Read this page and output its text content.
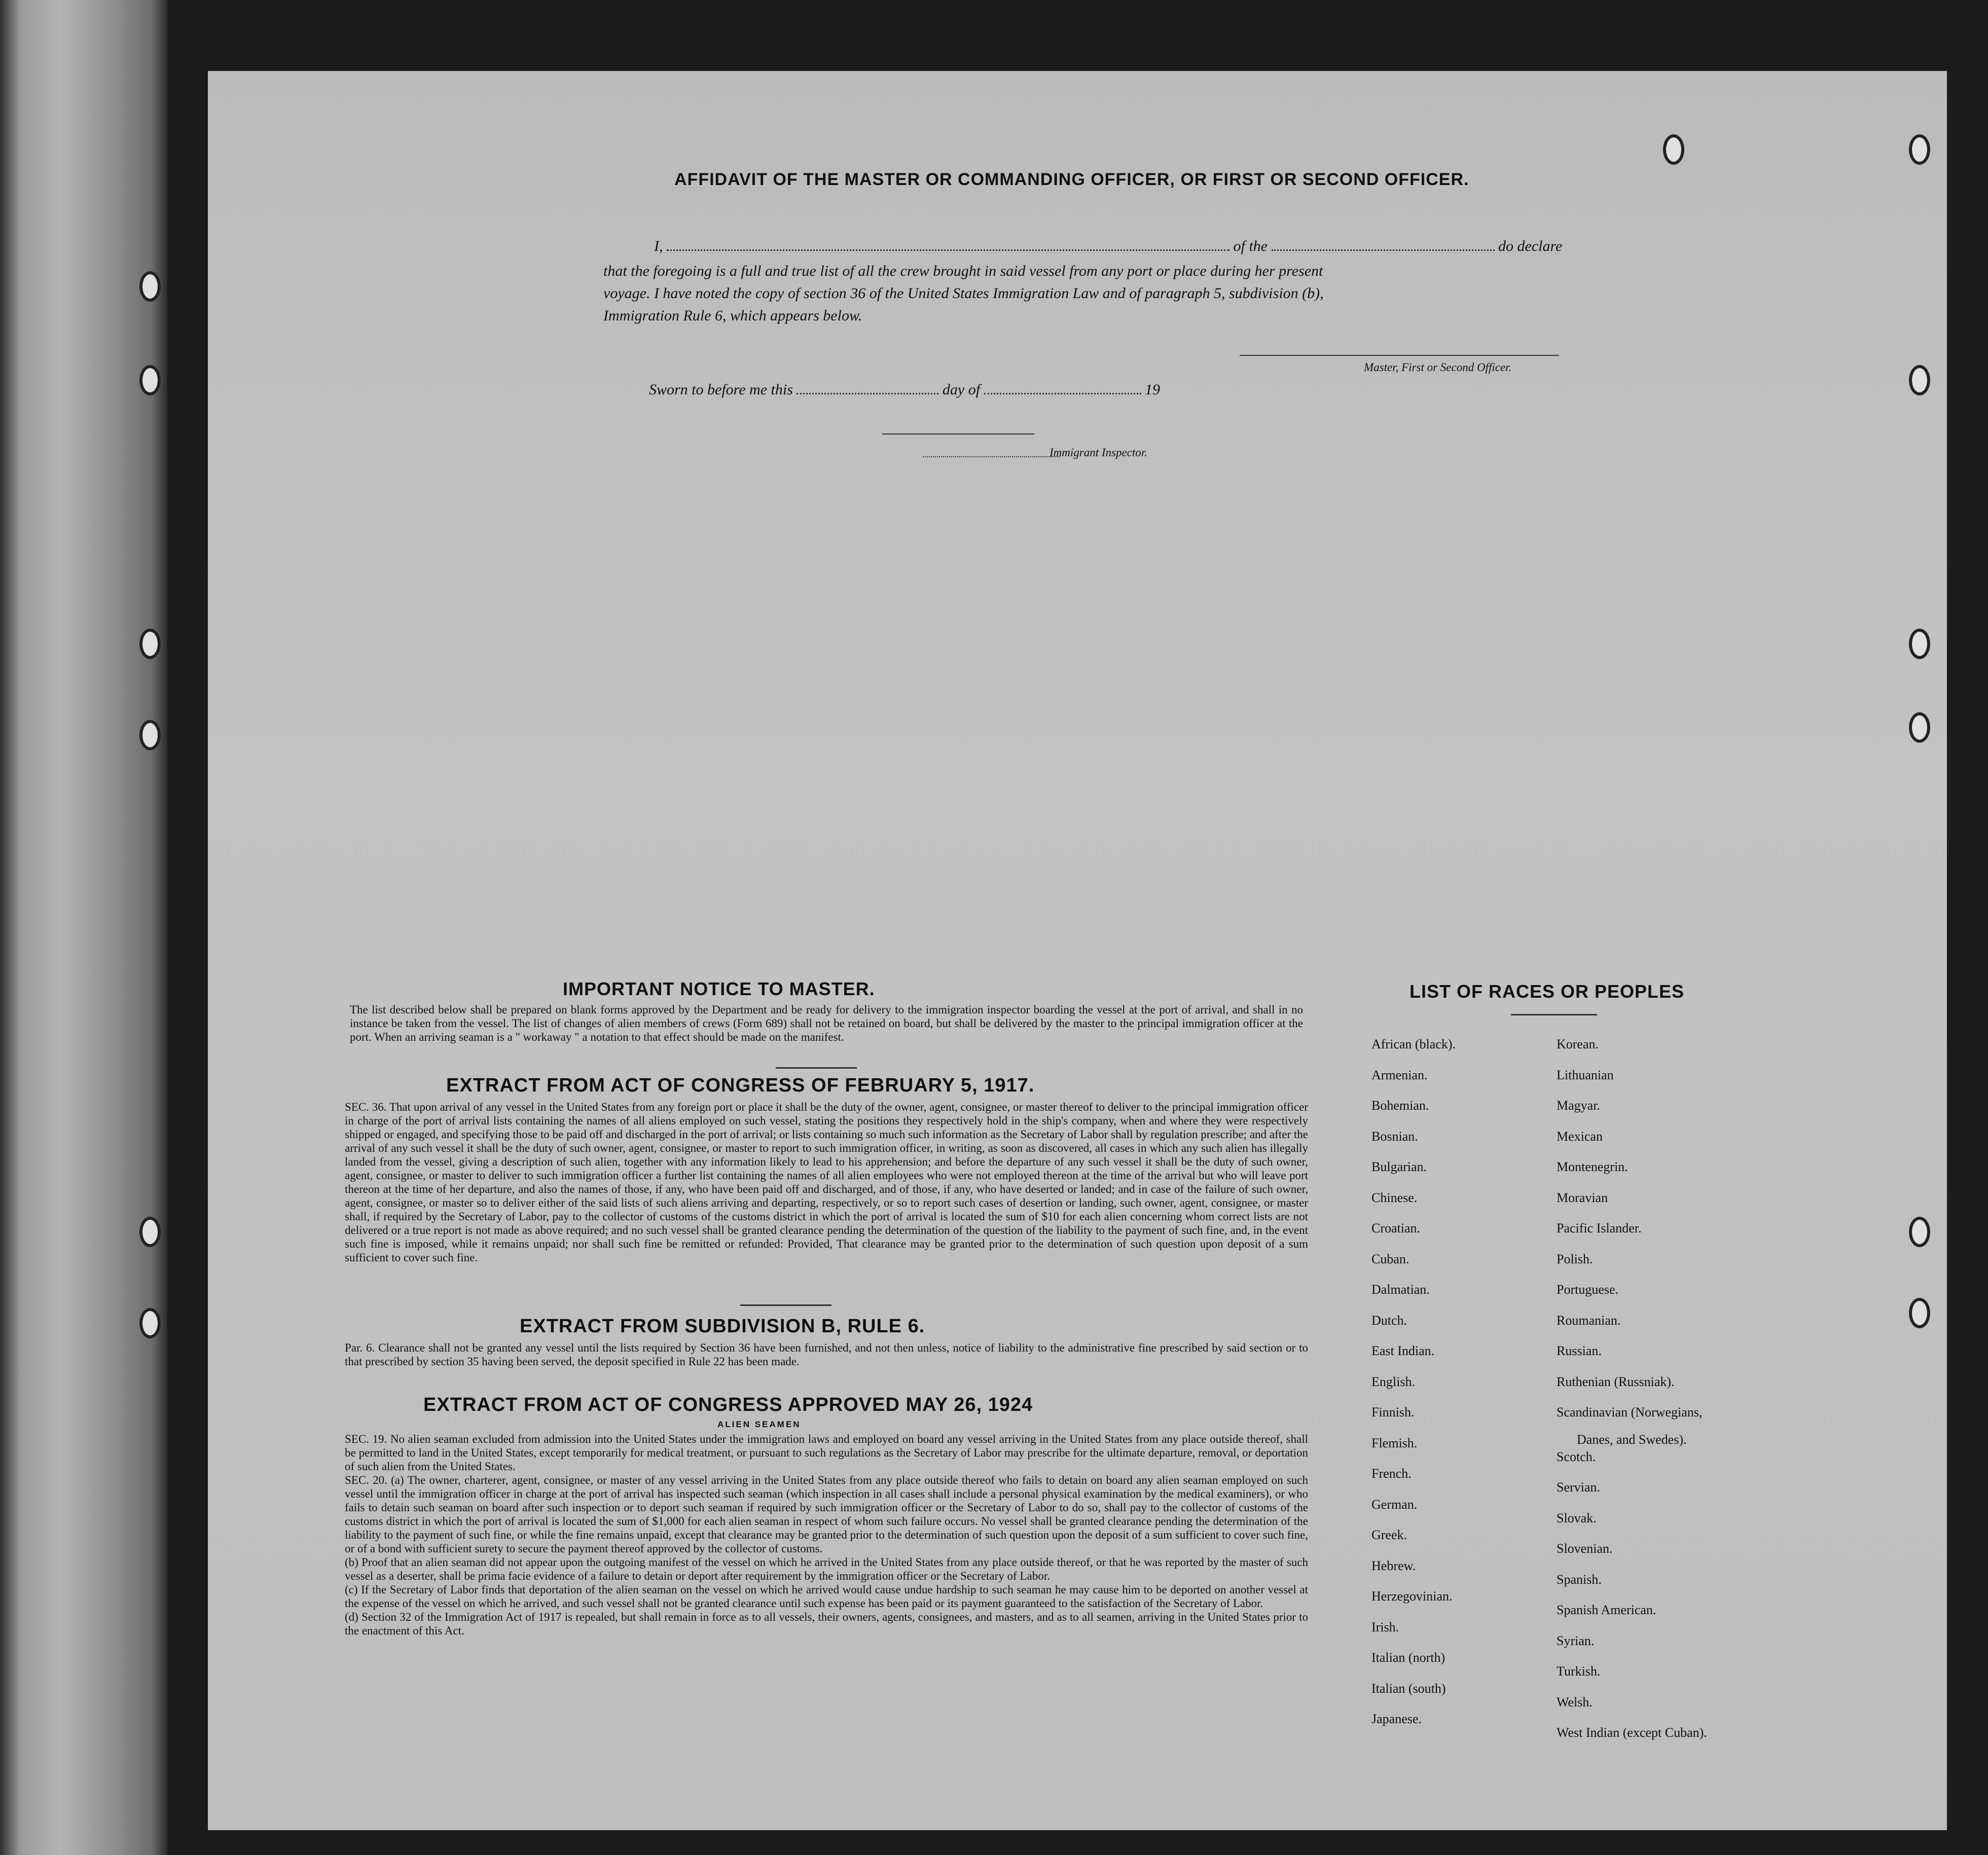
AFFIDAVIT OF THE MASTER OR COMMANDING OFFICER, OR FIRST OR SECOND OFFICER.
I,	of the	do declare
that the foregoing is a full and true list of all the crew brought in said vessel from any port or place during her present
voyage. I have noted the copy of section 36 of the United States Immigration Law and of paragraph 5, subdivision (b),
Immigration Rule 6, which appears below.
Master, First or Second Officer.
Sworn to before me this	day of	19
Immigrant Inspector.
IMPORTANT NOTICE TO MASTER.
The list described below shall be prepared on blank forms approved by the Department and be ready for delivery to the immigration inspector boarding the vessel at the port of arrival, and shall in no instance be taken from the vessel. The list of changes of alien members of crews (Form 689) shall not be retained on board, but shall be delivered by the master to the principal immigration officer at the port. When an arriving seaman is a " workaway " a notation to that effect should be made on the manifest.
EXTRACT FROM ACT OF CONGRESS OF FEBRUARY 5, 1917.
SEC. 36. That upon arrival of any vessel in the United States from any foreign port or place it shall be the duty of the owner, agent, consignee, or master thereof to deliver to the principal immigration officer in charge of the port of arrival lists containing the names of all aliens employed on such vessel, stating the positions they respectively hold in the ship's company, when and where they were respectively shipped or engaged, and specifying those to be paid off and discharged in the port of arrival; or lists containing so much such information as the Secretary of Labor shall by regulation prescribe; and after the arrival of any such vessel it shall be the duty of such owner, agent, consignee, or master to report to such immigration officer, in writing, as soon as discovered, all cases in which any such alien has illegally landed from the vessel, giving a description of such alien, together with any information likely to lead to his apprehension; and before the departure of any such vessel it shall be the duty of such owner, agent, consignee, or master to deliver to such immigration officer a further list containing the names of all alien employees who were not employed thereon at the time of the arrival but who will leave port thereon at the time of her departure, and also the names of those, if any, who have been paid off and discharged, and of those, if any, who have deserted or landed; and in case of the failure of such owner, agent, consignee, or master so to deliver either of the said lists of such aliens arriving and departing, respectively, or so to report such cases of desertion or landing, such owner, agent, consignee, or master shall, if required by the Secretary of Labor, pay to the collector of customs of the customs district in which the port of arrival is located the sum of $10 for each alien concerning whom correct lists are not delivered or a true report is not made as above required; and no such vessel shall be granted clearance pending the determination of the question of the liability to the payment of such fine, and, in the event such fine is imposed, while it remains unpaid; nor shall such fine be remitted or refunded: Provided, That clearance may be granted prior to the determination of such question upon deposit of a sum sufficient to cover such fine.
EXTRACT FROM SUBDIVISION B, RULE 6.
Par. 6. Clearance shall not be granted any vessel until the lists required by Section 36 have been furnished, and not then unless, notice of liability to the administrative fine prescribed by said section or to that prescribed by section 35 having been served, the deposit specified in Rule 22 has been made.
EXTRACT FROM ACT OF CONGRESS APPROVED MAY 26, 1924
ALIEN SEAMEN

SEC. 19. No alien seaman excluded from admission into the United States under the immigration laws and employed on board any vessel arriving in the United States from any place outside thereof, shall be permitted to land in the United States, except temporarily for medical treatment, or pursuant to such regulations as the Secretary of Labor may prescribe for the ultimate departure, removal, or deportation of such alien from the United States.

SEC. 20. (a) The owner, charterer, agent, consignee, or master of any vessel arriving in the United States from any place outside thereof who fails to detain on board any alien seaman employed on such vessel until the immigration officer in charge at the port of arrival has inspected such seaman (which inspection in all cases shall include a personal physical examination by the medical examiners), or who fails to detain such seaman on board after such inspection or to deport such seaman if required by such immigration officer or the Secretary of Labor to do so, shall pay to the collector of customs of the customs district in which the port of arrival is located the sum of $1,000 for each alien seaman in respect of whom such failure occurs. No vessel shall be granted clearance pending the determination of the liability to the payment of such fine, or while the fine remains unpaid, except that clearance may be granted prior to the determination of such question upon the deposit of a sum sufficient to cover such fine, or of a bond with sufficient surety to secure the payment thereof approved by the collector of customs.

(b) Proof that an alien seaman did not appear upon the outgoing manifest of the vessel on which he arrived in the United States from any place outside thereof, or that he was reported by the master of such vessel as a deserter, shall be prima facie evidence of a failure to detain or deport after requirement by the immigration officer or the Secretary of Labor.

(c) If the Secretary of Labor finds that deportation of the alien seaman on the vessel on which he arrived would cause undue hardship to such seaman he may cause him to be deported on another vessel at the expense of the vessel on which he arrived, and such vessel shall not be granted clearance until such expense has been paid or its payment guaranteed to the satisfaction of the Secretary of Labor.

(d) Section 32 of the Immigration Act of 1917 is repealed, but shall remain in force as to all vessels, their owners, agents, consignees, and masters, and as to all seamen, arriving in the United States prior to the enactment of this Act.

LIST OF RACES OR PEOPLES
African (black).
Armenian.
Bohemian.
Bosnian.
Bulgarian.
Chinese.
Croatian.
Cuban.
Dalmatian.
Dutch.
East Indian.
English.
Finnish.
Flemish.
French.
German.
Greek.
Hebrew.
Herzegovinian.
Irish.
Italian (north)
Italian (south)
Japanese.
Korean.
Lithuanian
Magyar.
Mexican
Montenegrin.
Moravian
Pacific Islander.
Polish.
Portuguese.
Roumanian.
Russian.
Ruthenian (Russniak).
Scandinavian (Norwegians,
Danes, and Swedes).
Scotch.
Servian.
Slovak.
Slovenian.
Spanish.
Spanish American.
Syrian.
Turkish.
Welsh.
West Indian (except Cuban).
